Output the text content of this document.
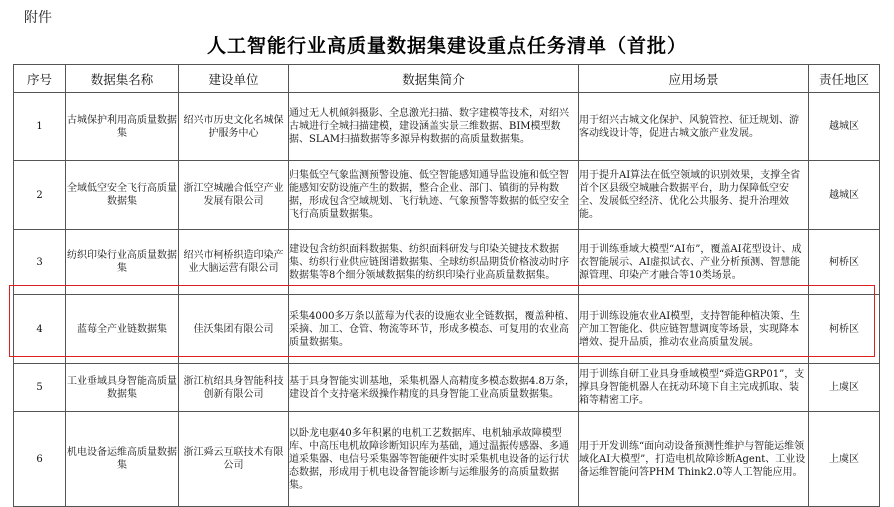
附件
人工智能行业高质量数据集建设重点任务清单（首批）
序号	数据集名称	建设单位	数据集简介	应用场景	责任地区
1	古城保护利用高质量数据集	绍兴市历史文化名城保护服务中心	通过无人机倾斜摄影、全息激光扫描、数字建模等技术，对绍兴古城进行全城扫描建模，建设涵盖实景三维数据、BIM模型数据、SLAM扫描数据等多源异构数据的高质量数据集。	用于绍兴古城文化保护、风貌管控、征迁规划、游客动线设计等，促进古城文旅产业发展。	越城区
2	全域低空安全飞行高质量数据集	浙江空城融合低空产业发展有限公司	归集低空气象监测预警设施、低空智能感知通导监设施和低空智能感知安防设施产生的数据，整合企业、部门、镇街的异构数据，形成包含空域规划、飞行轨迹、气象预警等数据的低空安全飞行高质量数据集。	用于提升AI算法在低空领域的识别效果，支撑全省首个区县级空城融合数据平台，助力保障低空安全、发展低空经济、优化公共服务、提升治理效能。	越城区
3	纺织印染行业高质量数据集	绍兴市柯桥织造印染产业大脑运营有限公司	建设包含纺织面料数据集、纺织面料研发与印染关键技术数据集、纺织行业供应链图谱数据集、全球纺织品期货价格波动时序数据集等8个细分领域数据集的纺织印染行业高质量数据集。	用于训练垂域大模型“AI布”，覆盖AI花型设计、成衣智能展示、AI虚拟试衣、产业分析预测、智慧能源管理、印染产才融合等10类场景。	柯桥区
4	蓝莓全产业链数据集	佳沃集团有限公司	采集4000多万条以蓝莓为代表的设施农业全链数据，覆盖种植、采摘、加工、仓管、物流等环节，形成多模态、可复用的农业高质量数据集。	用于训练设施农业AI模型，支持智能种植决策、生产加工智能化、供应链智慧调度等场景，实现降本增效、提升品质，推动农业高质量发展。	柯桥区
5	工业垂域具身智能高质量数据集	浙江杭绍具身智能科技创新有限公司	基于具身智能实训基地，采集机器人高精度多模态数据4.8万条，建设首个支持毫米级操作精度的具身智能工业高质量数据集。	用于训练自研工业具身垂域模型“舜造GRP01”，支撑具身智能机器人在抚动环境下自主完成抓取、装箱等精密工序。	上虞区
6	机电设备运维高质量数据集	浙江舜云互联技术有限公司	以卧龙电驱40多年积累的电机工艺数据库、电机轴承故障模型库、中高压电机故障诊断知识库为基础，通过温振传感器、多通道采集器、电信号采集器等智能硬件实时采集机电设备的运行状态数据，形成用于机电设备智能诊断与运维服务的高质量数据集。	用于开发训练“面向动设备预测性维护与智能运维领域化AI大模型”，打造电机故障诊断Agent、工业设备运维智能问答PHM Think2.0等人工智能应用。	上虞区
